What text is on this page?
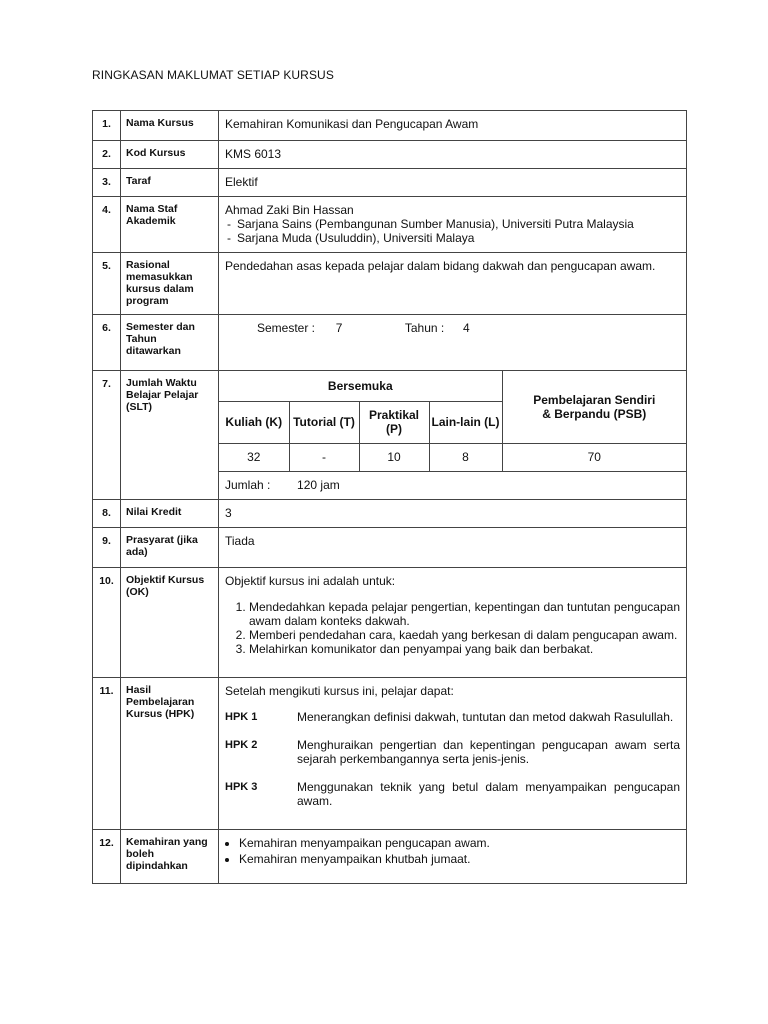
RINGKASAN MAKLUMAT SETIAP KURSUS
1.	Nama Kursus	Kemahiran Komunikasi dan Pengucapan Awam
2.	Kod Kursus	KMS 6013
3.	Taraf	Elektif
4.	Nama Staf Akademik	
Ahmad Zaki Bin Hassan
- Sarjana Sains (Pembangunan Sumber Manusia), Universiti Putra Malaysia
- Sarjana Muda (Usuluddin), Universiti Malaya

5.	Rasional memasukkan kursus dalam program	Pendedahan asas kepada pelajar dalam bidang dakwah dan pengucapan awam.
6.	Semester dan Tahun ditawarkan	
Semester : 7	Tahun : 4

7.	Jumlah Waktu Belajar Pelajar (SLT)	
Bersemuka	
Pembelajaran Sendiri & Berpandu (PSB)

Kuliah (K)	Tutorial (T)	Praktikal (P)	Lain-lain (L)
32	-	10	8	70
Jumlah : 120 jam

8.	Nilai Kredit	3
9.	Prasyarat (jika ada)	Tiada
10.	Objektif Kursus (OK)	
Objektif kursus ini adalah untuk:
1. Mendedahkan kepada pelajar pengertian, kepentingan dan tuntutan pengucapan awam dalam konteks dakwah.
2. Memberi pendedahan cara, kaedah yang berkesan di dalam pengucapan awam.
3. Melahirkan komunikator dan penyampai yang baik dan berbakat.

11.	Hasil Pembelajaran Kursus (HPK)	
Setelah mengikuti kursus ini, pelajar dapat:
HPK 1	Menerangkan definisi dakwah, tuntutan dan metod dakwah Rasulullah.
HPK 2	Menghuraikan pengertian dan kepentingan pengucapan awam serta sejarah perkembangannya serta jenis-jenis.
HPK 3	Menggunakan teknik yang betul dalam menyampaikan pengucapan awam.

12.	Kemahiran yang boleh dipindahkan	
• Kemahiran menyampaikan pengucapan awam.
• Kemahiran menyampaikan khutbah jumaat.
